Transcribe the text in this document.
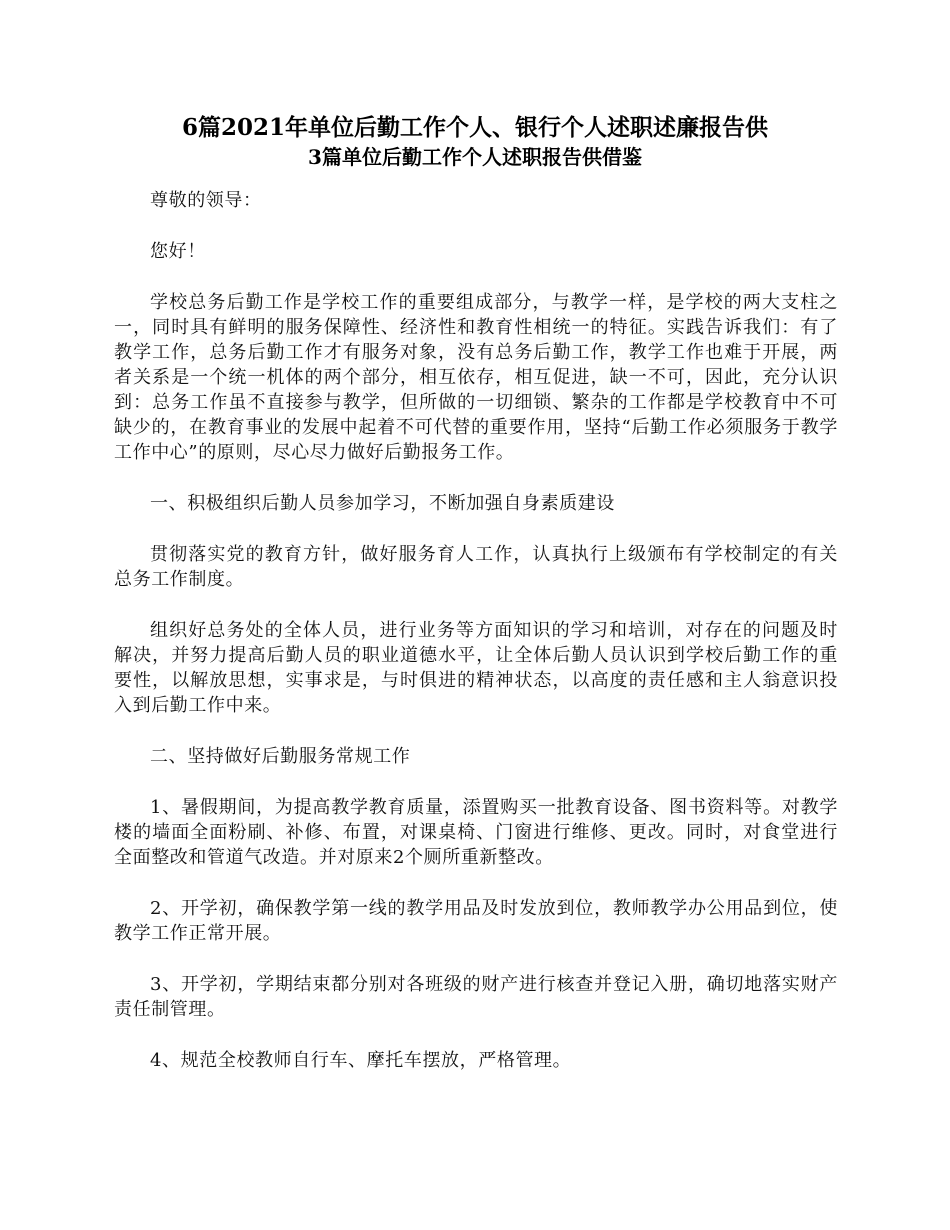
6篇2021年单位后勤工作个人、银行个人述职述廉报告供
3篇单位后勤工作个人述职报告供借鉴

尊敬的领导：

您好！

学校总务后勤工作是学校工作的重要组成部分，与教学一样，是学校的两大支柱之一，同时具有鲜明的服务保障性、经济性和教育性相统一的特征。实践告诉我们：有了教学工作，总务后勤工作才有服务对象，没有总务后勤工作，教学工作也难于开展，两者关系是一个统一机体的两个部分，相互依存，相互促进，缺一不可，因此，充分认识到：总务工作虽不直接参与教学，但所做的一切细锁、繁杂的工作都是学校教育中不可缺少的，在教育事业的发展中起着不可代替的重要作用，坚持“后勤工作必须服务于教学工作中心”的原则，尽心尽力做好后勤报务工作。

一、积极组织后勤人员参加学习，不断加强自身素质建设

贯彻落实党的教育方针，做好服务育人工作，认真执行上级颁布有学校制定的有关总务工作制度。

组织好总务处的全体人员，进行业务等方面知识的学习和培训，对存在的问题及时解决，并努力提高后勤人员的职业道德水平，让全体后勤人员认识到学校后勤工作的重要性，以解放思想，实事求是，与时俱进的精神状态，以高度的责任感和主人翁意识投入到后勤工作中来。

二、坚持做好后勤服务常规工作

1、暑假期间，为提高教学教育质量，添置购买一批教育设备、图书资料等。对教学楼的墙面全面粉刷、补修、布置，对课桌椅、门窗进行维修、更改。同时，对食堂进行全面整改和管道气改造。并对原来2个厕所重新整改。

2、开学初，确保教学第一线的教学用品及时发放到位，教师教学办公用品到位，使教学工作正常开展。

3、开学初，学期结束都分别对各班级的财产进行核查并登记入册，确切地落实财产责任制管理。

4、规范全校教师自行车、摩托车摆放，严格管理。
